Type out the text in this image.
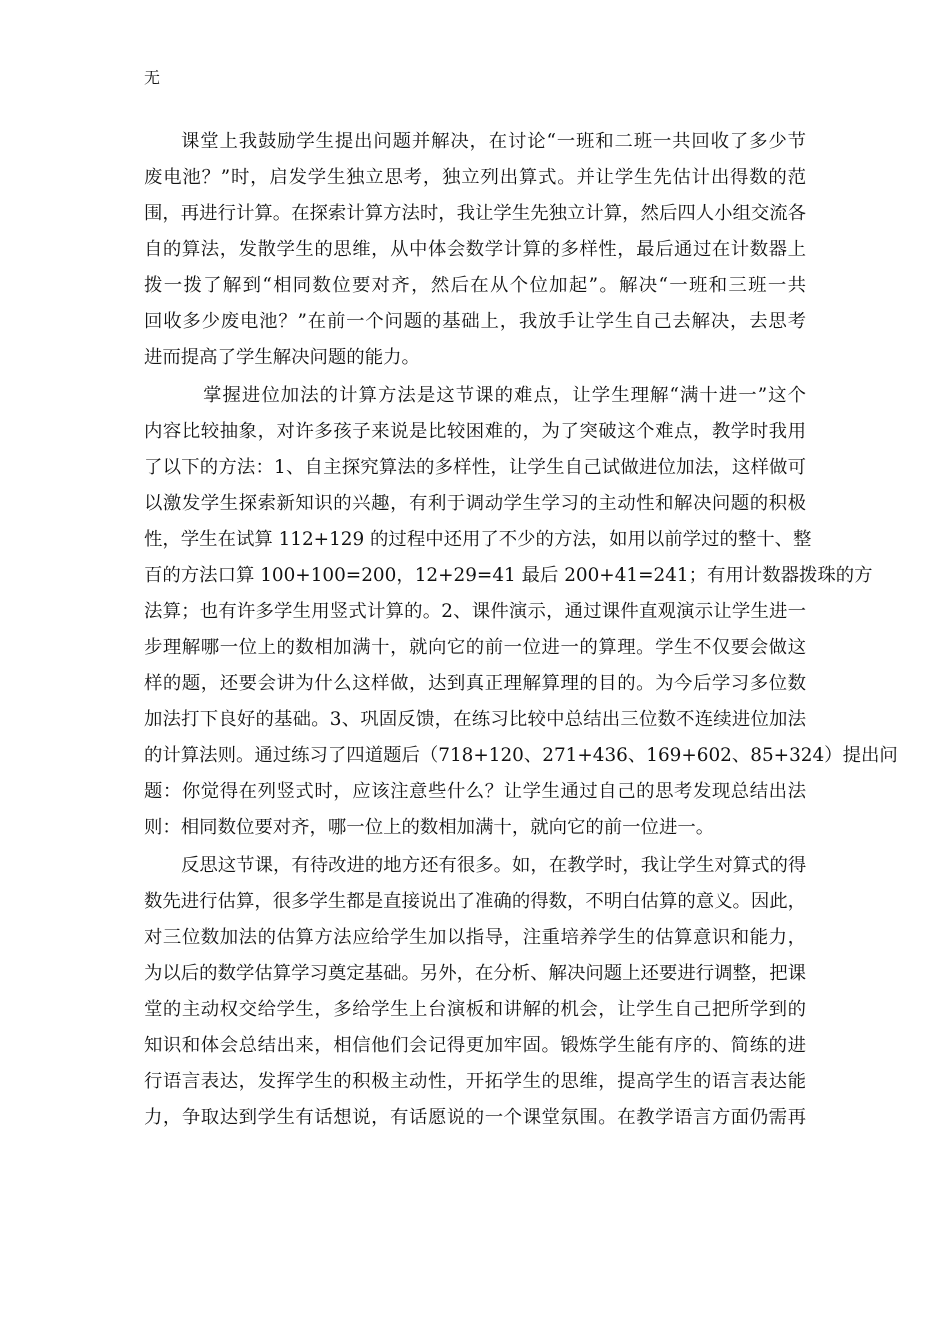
无
课堂上我鼓励学生提出问题并解决，在讨论“一班和二班一共回收了多少节
废电池？”时，启发学生独立思考，独立列出算式。并让学生先估计出得数的范
围，再进行计算。在探索计算方法时，我让学生先独立计算，然后四人小组交流各
自的算法，发散学生的思维，从中体会数学计算的多样性，最后通过在计数器上
拨一拨了解到“相同数位要对齐，然后在从个位加起”。解决“一班和三班一共
回收多少废电池？”在前一个问题的基础上，我放手让学生自己去解决，去思考
进而提高了学生解决问题的能力。
掌握进位加法的计算方法是这节课的难点，让学生理解“满十进一”这个
内容比较抽象，对许多孩子来说是比较困难的，为了突破这个难点，教学时我用
了以下的方法：1、自主探究算法的多样性，让学生自己试做进位加法，这样做可
以激发学生探索新知识的兴趣，有利于调动学生学习的主动性和解决问题的积极
性，学生在试算 112+129 的过程中还用了不少的方法，如用以前学过的整十、整
百的方法口算 100+100=200，12+29=41 最后 200+41=241；有用计数器拨珠的方
法算；也有许多学生用竖式计算的。2、课件演示，通过课件直观演示让学生进一
步理解哪一位上的数相加满十，就向它的前一位进一的算理。学生不仅要会做这
样的题，还要会讲为什么这样做，达到真正理解算理的目的。为今后学习多位数
加法打下良好的基础。3、巩固反馈，在练习比较中总结出三位数不连续进位加法
的计算法则。通过练习了四道题后（718+120、271+436、169+602、85+324）提出问
题：你觉得在列竖式时，应该注意些什么？让学生通过自己的思考发现总结出法
则：相同数位要对齐，哪一位上的数相加满十，就向它的前一位进一。
反思这节课，有待改进的地方还有很多。如，在教学时，我让学生对算式的得
数先进行估算，很多学生都是直接说出了准确的得数，不明白估算的意义。因此，
对三位数加法的估算方法应给学生加以指导，注重培养学生的估算意识和能力，
为以后的数学估算学习奠定基础。另外，在分析、解决问题上还要进行调整，把课
堂的主动权交给学生，多给学生上台演板和讲解的机会，让学生自己把所学到的
知识和体会总结出来，相信他们会记得更加牢固。锻炼学生能有序的、简练的进
行语言表达，发挥学生的积极主动性，开拓学生的思维，提高学生的语言表达能
力，争取达到学生有话想说，有话愿说的一个课堂氛围。在教学语言方面仍需再
